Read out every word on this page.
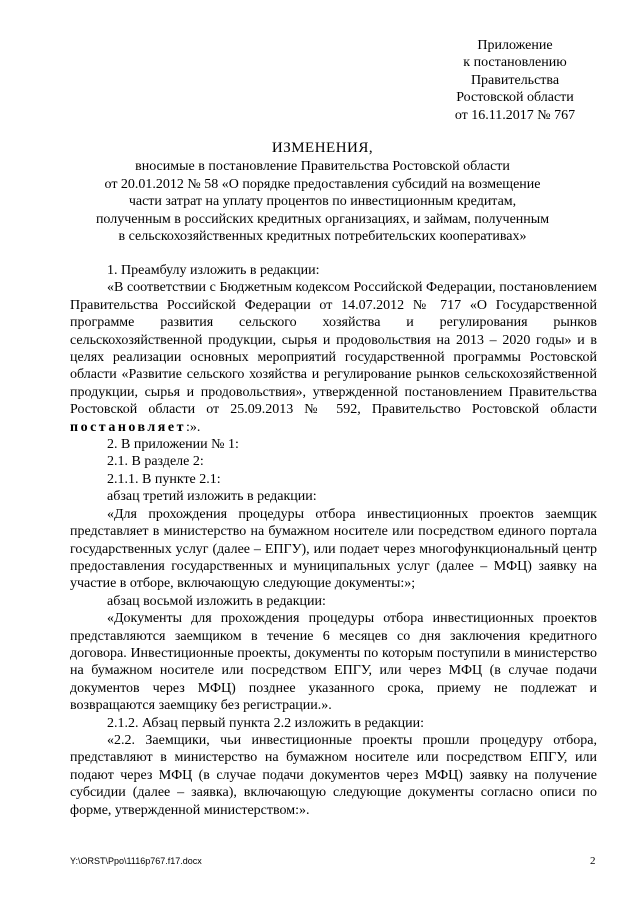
Приложение
к постановлению
Правительства
Ростовской области
от 16.11.2017 № 767
ИЗМЕНЕНИЯ,
вносимые в постановление Правительства Ростовской области
от 20.01.2012 № 58 «О порядке предоставления субсидий на возмещение
части затрат на уплату процентов по инвестиционным кредитам,
полученным в российских кредитных организациях, и займам, полученным
в сельскохозяйственных кредитных потребительских кооперативах»

1. Преамбулу изложить в редакции:

«В соответствии с Бюджетным кодексом Российской Федерации, постановлением Правительства Российской Федерации от 14.07.2012 № 717 «О Государственной программе развития сельского хозяйства и регулирования рынков сельскохозяйственной продукции, сырья и продовольствия на 2013 – 2020 годы» и в целях реализации основных мероприятий государственной программы Ростовской области «Развитие сельского хозяйства и регулирование рынков сельскохозяйственной продукции, сырья и продовольствия», утвержденной постановлением Правительства Ростовской области от 25.09.2013 № 592, Правительство Ростовской области постановляет:».

2. В приложении № 1:

2.1. В разделе 2:

2.1.1. В пункте 2.1:

абзац третий изложить в редакции:

«Для прохождения процедуры отбора инвестиционных проектов заемщик представляет в министерство на бумажном носителе или посредством единого портала государственных услуг (далее – ЕПГУ), или подает через многофункциональный центр предоставления государственных и муниципальных услуг (далее – МФЦ) заявку на участие в отборе, включающую следующие документы:»;

абзац восьмой изложить в редакции:

«Документы для прохождения процедуры отбора инвестиционных проектов представляются заемщиком в течение 6 месяцев со дня заключения кредитного договора. Инвестиционные проекты, документы по которым поступили в министерство на бумажном носителе или посредством ЕПГУ, или через МФЦ (в случае подачи документов через МФЦ) позднее указанного срока, приему не подлежат и возвращаются заемщику без регистрации.».

2.1.2. Абзац первый пункта 2.2 изложить в редакции:

«2.2. Заемщики, чьи инвестиционные проекты прошли процедуру отбора, представляют в министерство на бумажном носителе или посредством ЕПГУ, или подают через МФЦ (в случае подачи документов через МФЦ) заявку на получение субсидии (далее – заявка), включающую следующие документы согласно описи по форме, утвержденной министерством:».

Y:\ORST\Ppo\1116p767.f17.docx	2
